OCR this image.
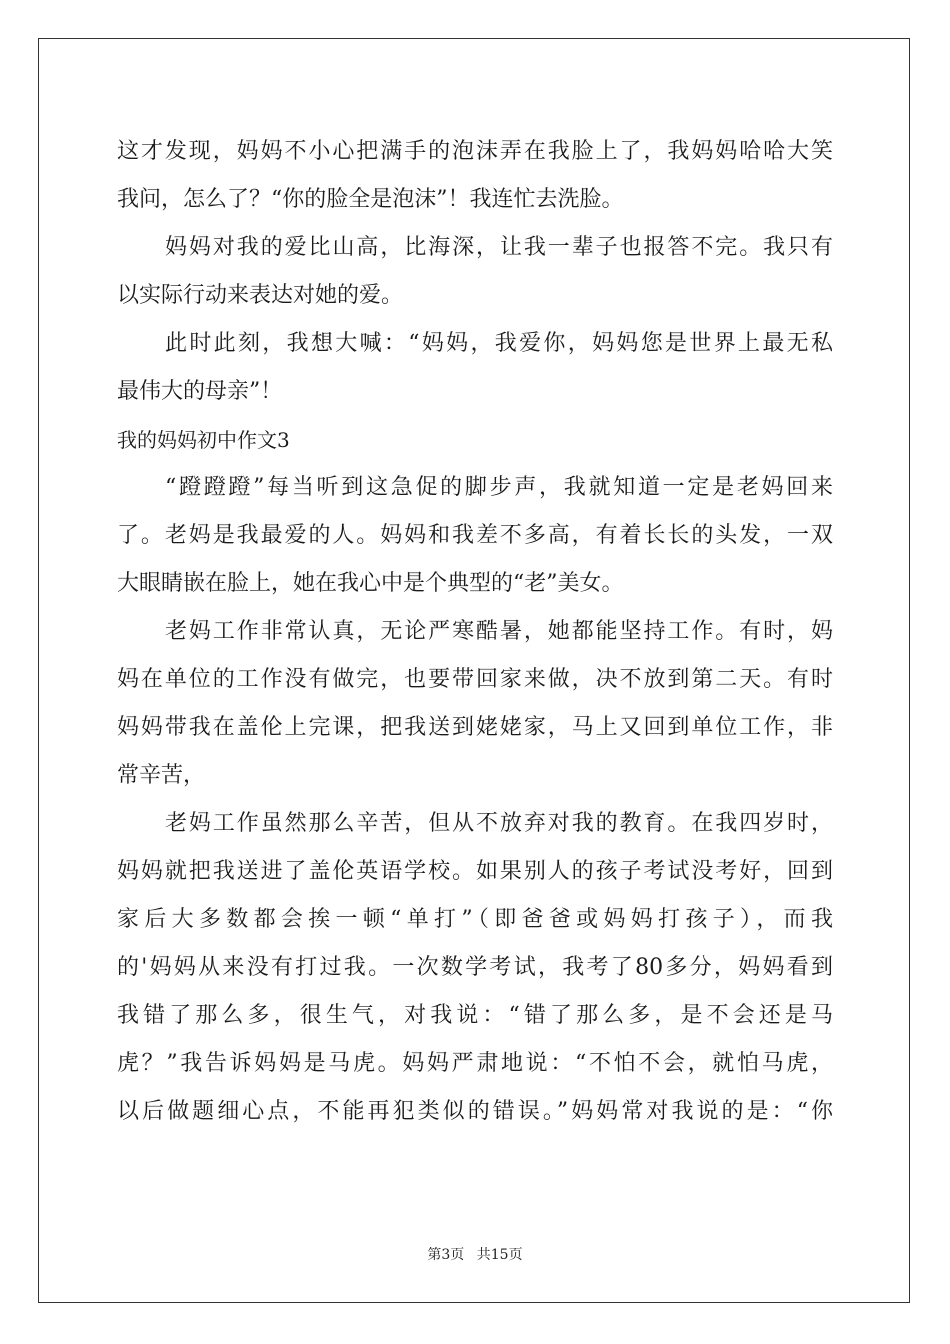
这才发现，妈妈不小心把满手的泡沫弄在我脸上了，我妈妈哈哈大笑
我问，怎么了？“你的脸全是泡沫”！我连忙去洗脸。
妈妈对我的爱比山高，比海深，让我一辈子也报答不完。我只有
以实际行动来表达对她的爱。
此时此刻，我想大喊：“妈妈，我爱你，妈妈您是世界上最无私
最伟大的母亲”！
我的妈妈初中作文3
“蹬蹬蹬”每当听到这急促的脚步声，我就知道一定是老妈回来
了。老妈是我最爱的人。妈妈和我差不多高，有着长长的头发，一双
大眼睛嵌在脸上，她在我心中是个典型的“老”美女。
老妈工作非常认真，无论严寒酷暑，她都能坚持工作。有时，妈
妈在单位的工作没有做完，也要带回家来做，决不放到第二天。有时
妈妈带我在盖伦上完课，把我送到姥姥家，马上又回到单位工作，非
常辛苦，
老妈工作虽然那么辛苦，但从不放弃对我的教育。在我四岁时，
妈妈就把我送进了盖伦英语学校。如果别人的孩子考试没考好，回到
家后大多数都会挨一顿“单打”（即爸爸或妈妈打孩子），而我
的'妈妈从来没有打过我。一次数学考试，我考了80多分，妈妈看到
我错了那么多，很生气，对我说：“错了那么多，是不会还是马
虎？”我告诉妈妈是马虎。妈妈严肃地说：“不怕不会，就怕马虎，
以后做题细心点，不能再犯类似的错误。”妈妈常对我说的是：“你
第3页 共15页
